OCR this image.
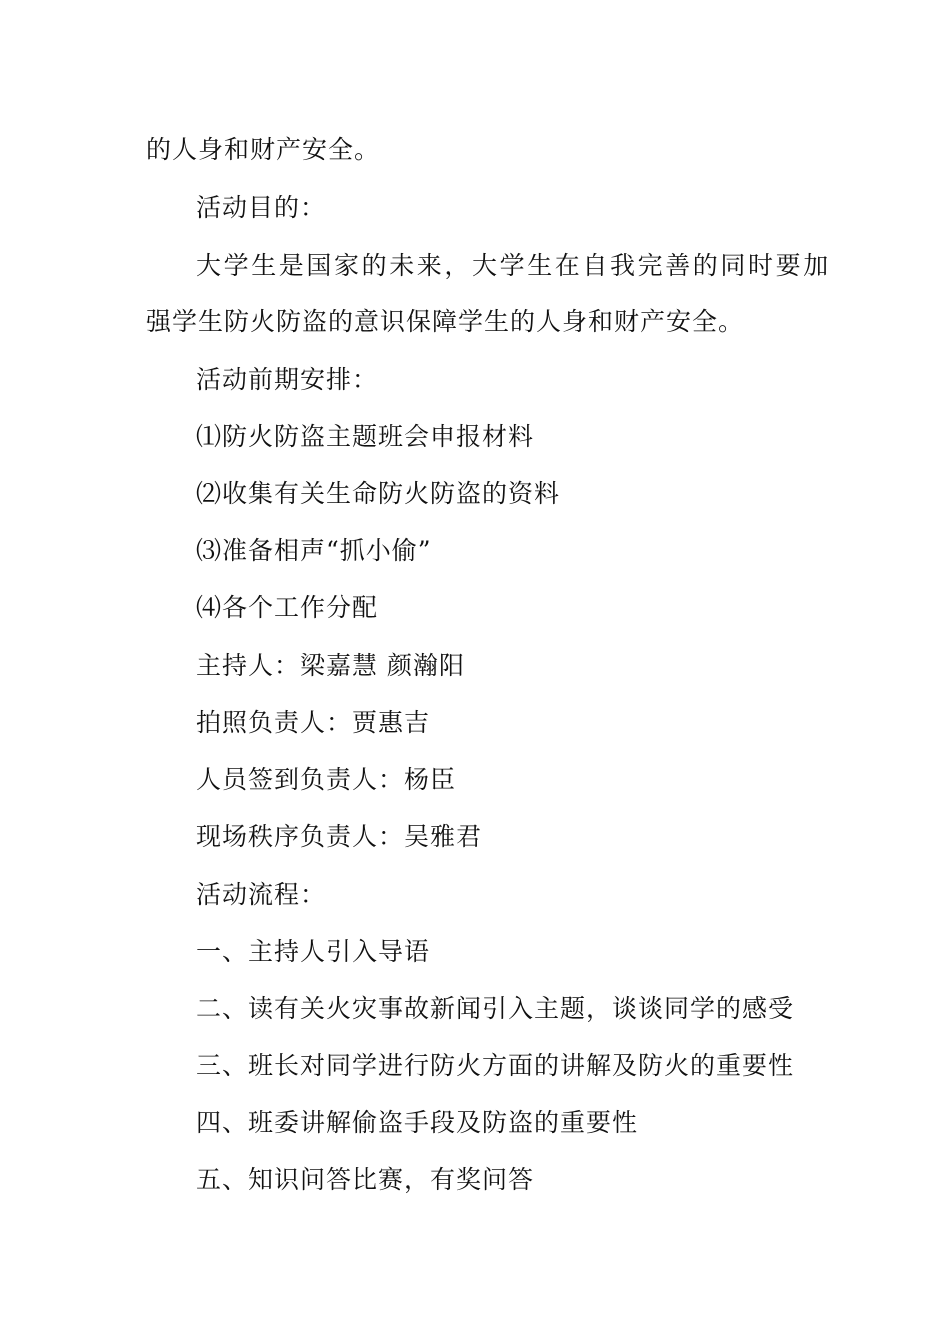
的人身和财产安全。
活动目的：
大学生是国家的未来，大学生在自我完善的同时要加
强学生防火防盗的意识保障学生的人身和财产安全。
活动前期安排：
⑴防火防盗主题班会申报材料
⑵收集有关生命防火防盗的资料
⑶准备相声“抓小偷”
⑷各个工作分配
主持人：梁嘉慧 颜瀚阳
拍照负责人：贾惠吉
人员签到负责人：杨臣
现场秩序负责人：吴雅君
活动流程：
一、主持人引入导语
二、读有关火灾事故新闻引入主题，谈谈同学的感受
三、班长对同学进行防火方面的讲解及防火的重要性
四、班委讲解偷盗手段及防盗的重要性
五、知识问答比赛，有奖问答
